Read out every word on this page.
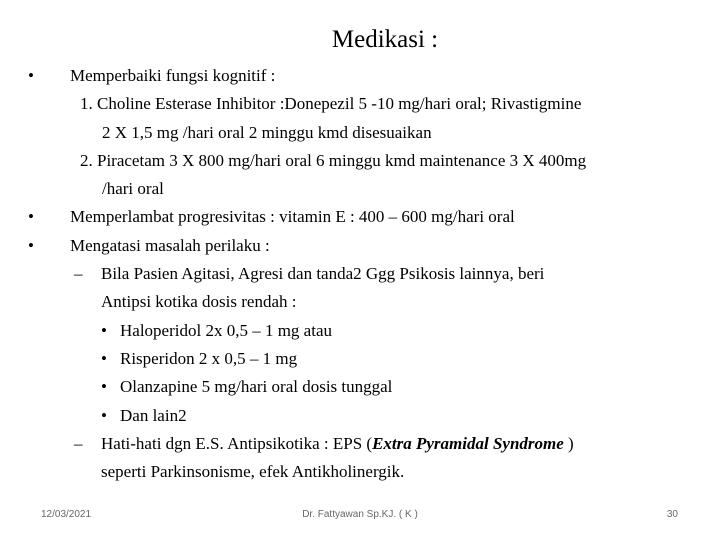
Medikasi :
• Memperbaiki fungsi kognitif :
1. Choline Esterase Inhibitor :Donepezil 5 -10 mg/hari oral; Rivastigmine
2 X 1,5 mg /hari oral 2 minggu kmd disesuaikan
2. Piracetam 3 X 800 mg/hari oral 6 minggu kmd maintenance 3 X 400mg
/hari oral
• Memperlambat progresivitas : vitamin E : 400 – 600 mg/hari oral
• Mengatasi masalah perilaku :
– Bila Pasien Agitasi, Agresi dan tanda2 Ggg Psikosis lainnya, beri
Antipsi kotika dosis rendah :
• Haloperidol 2x 0,5 – 1 mg atau
• Risperidon 2 x 0,5 – 1 mg
• Olanzapine 5 mg/hari oral dosis tunggal
• Dan lain2
– Hati-hati dgn E.S. Antipsikotika : EPS (Extra Pyramidal Syndrome )
seperti Parkinsonisme, efek Antikholinergik.
12/03/2021	Dr. Fattyawan Sp.KJ. ( K )	30
